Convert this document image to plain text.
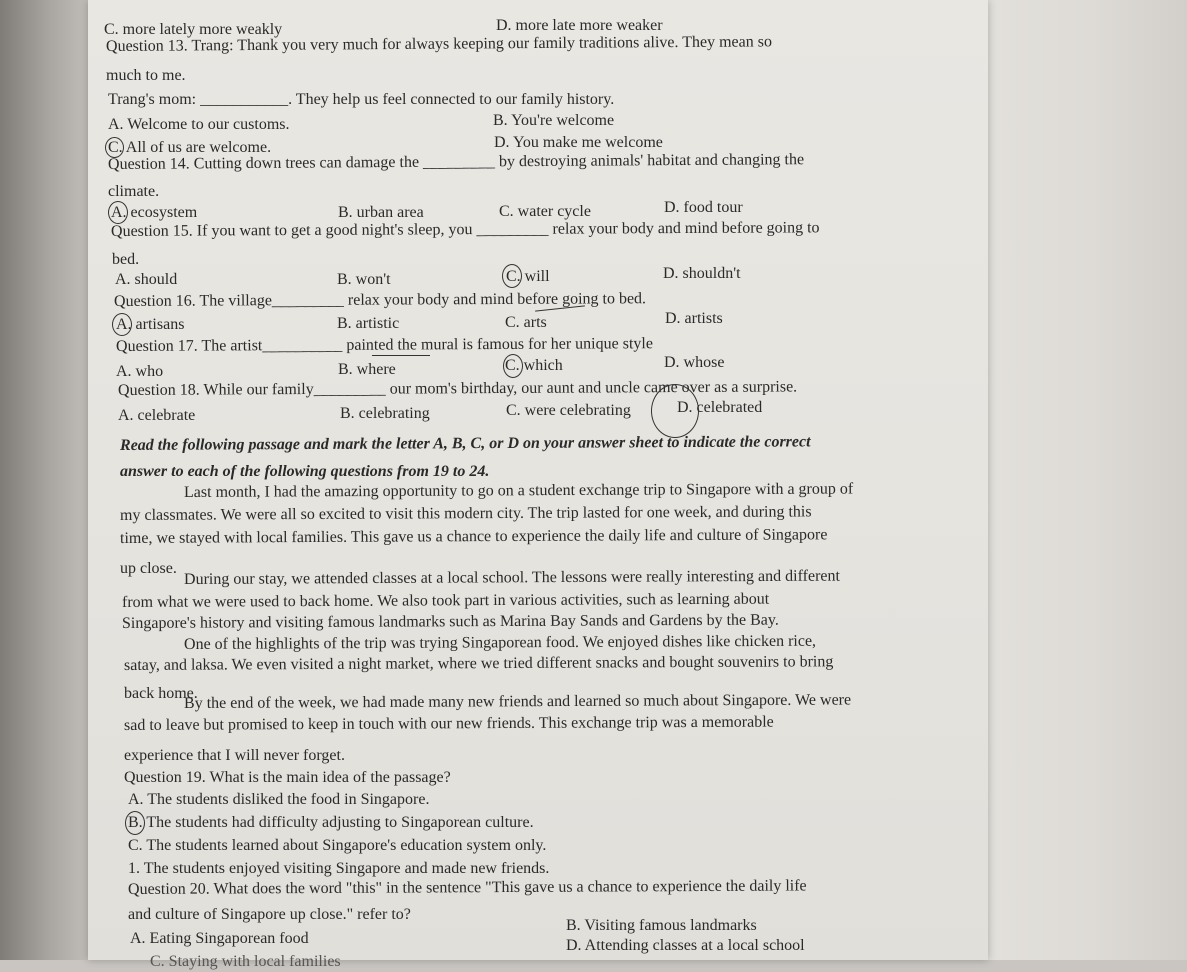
C. more lately more weakly	D. more late more weaker
Question 13. Trang: Thank you very much for always keeping our family traditions alive. They mean so
much to me.
Trang's mom: ___________. They help us feel connected to our family history.
A. Welcome to our customs.	B. You're welcome
C. All of us are welcome.	D. You make me welcome
Question 14. Cutting down trees can damage the _________ by destroying animals' habitat and changing the
climate.
A. ecosystem	B. urban area	C. water cycle	D. food tour
Question 15. If you want to get a good night's sleep, you _________ relax your body and mind before going to
bed.
A. should	B. won't	C. will	D. shouldn't
Question 16. The village_________ relax your body and mind before going to bed.
A. artisans	B. artistic	C. arts	D. artists
Question 17. The artist__________ painted the mural is famous for her unique style
A. who	B. where	C. which	D. whose
Question 18. While our family_________ our mom's birthday, our aunt and uncle came over as a surprise.
A. celebrate	B. celebrating	C. were celebrating	D. celebrated
Read the following passage and mark the letter A, B, C, or D on your answer sheet to indicate the correct
answer to each of the following questions from 19 to 24.
Last month, I had the amazing opportunity to go on a student exchange trip to Singapore with a group of
my classmates. We were all so excited to visit this modern city. The trip lasted for one week, and during this
time, we stayed with local families. This gave us a chance to experience the daily life and culture of Singapore
up close. During our stay, we attended classes at a local school. The lessons were really interesting and different
from what we were used to back home. We also took part in various activities, such as learning about
Singapore's history and visiting famous landmarks such as Marina Bay Sands and Gardens by the Bay.
One of the highlights of the trip was trying Singaporean food. We enjoyed dishes like chicken rice,
satay, and laksa. We even visited a night market, where we tried different snacks and bought souvenirs to bring
back home.
By the end of the week, we had made many new friends and learned so much about Singapore. We were
sad to leave but promised to keep in touch with our new friends. This exchange trip was a memorable
experience that I will never forget.
Question 19. What is the main idea of the passage?
A. The students disliked the food in Singapore.
B. The students had difficulty adjusting to Singaporean culture.
C. The students learned about Singapore's education system only.
1. The students enjoyed visiting Singapore and made new friends.
Question 20. What does the word "this" in the sentence "This gave us a chance to experience the daily life
and culture of Singapore up close." refer to?
A. Eating Singaporean food
B. Visiting famous landmarks
C. Staying with local families
D. Attending classes at a local school
